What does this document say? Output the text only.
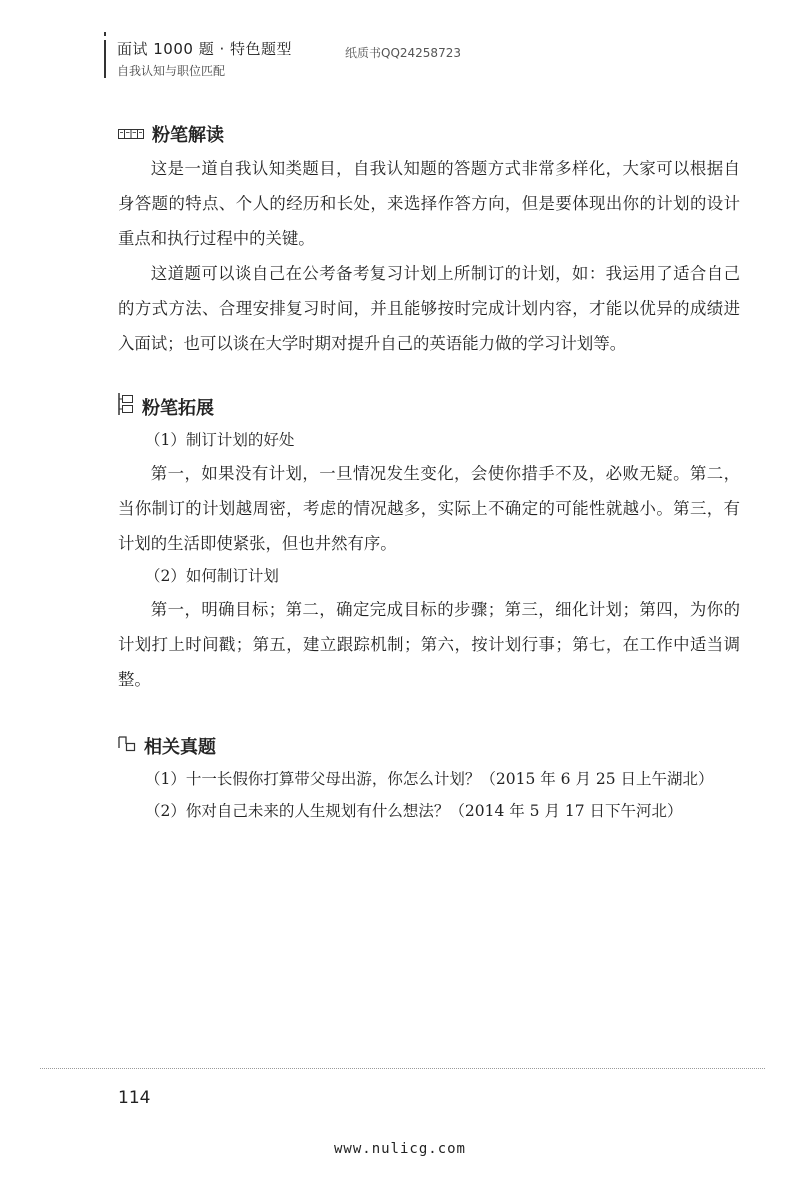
面试 1000 题 · 特色题型
自我认知与职位匹配
纸质书QQ24258723
粉笔解读
这是一道自我认知类题目，自我认知题的答题方式非常多样化，大家可以根据自身答题的特点、个人的经历和长处，来选择作答方向，但是要体现出你的计划的设计重点和执行过程中的关键。
这道题可以谈自己在公考备考复习计划上所制订的计划，如：我运用了适合自己的方式方法、合理安排复习时间，并且能够按时完成计划内容，才能以优异的成绩进入面试；也可以谈在大学时期对提升自己的英语能力做的学习计划等。
粉笔拓展
（1）制订计划的好处
第一，如果没有计划，一旦情况发生变化，会使你措手不及，必败无疑。第二，当你制订的计划越周密，考虑的情况越多，实际上不确定的可能性就越小。第三，有计划的生活即使紧张，但也井然有序。
（2）如何制订计划
第一，明确目标；第二，确定完成目标的步骤；第三，细化计划；第四，为你的计划打上时间戳；第五，建立跟踪机制；第六，按计划行事；第七，在工作中适当调整。
相关真题
（1）十一长假你打算带父母出游，你怎么计划？（2015 年 6 月 25 日上午湖北）
（2）你对自己未来的人生规划有什么想法？（2014 年 5 月 17 日下午河北）
114
www.nulicg.com
